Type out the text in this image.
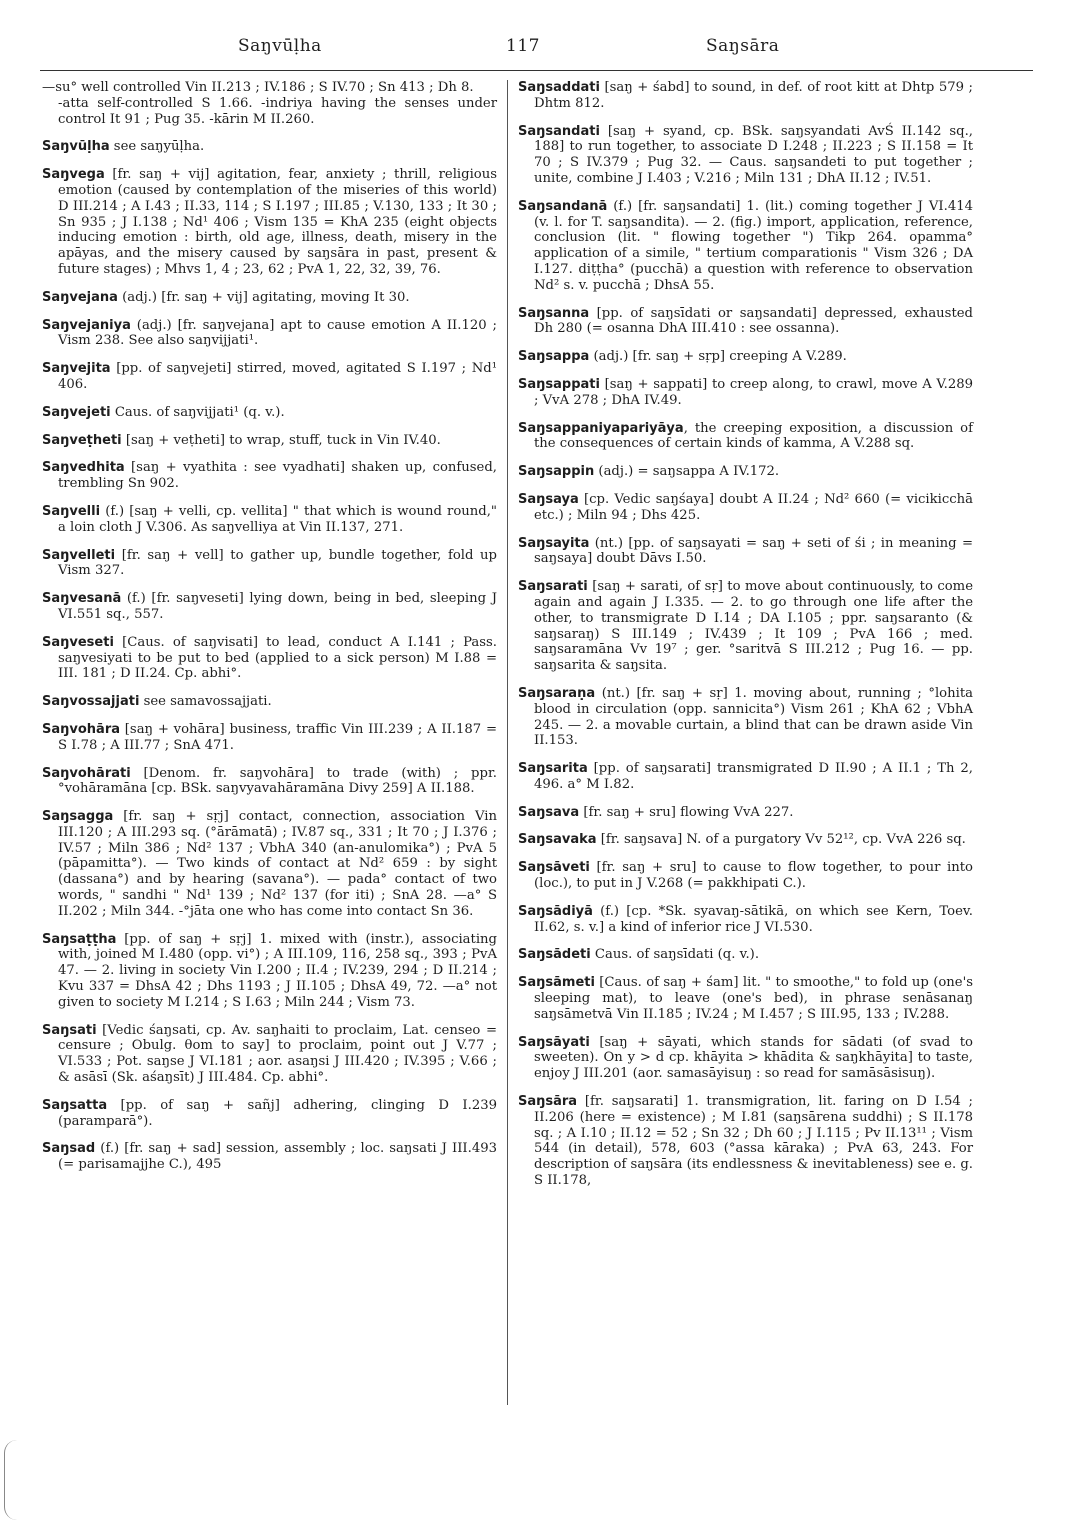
Saŋvūḷha	117	Saŋsāra

—su° well controlled Vin II.213 ; IV.186 ; S IV.70 ; Sn 413 ; Dh 8.
-atta self-controlled S 1.66. -indriya having the senses under control It 91 ; Pug 35. -kārin M II.260.

Saŋvūḷha see saŋyūḷha.

Saŋvega [fr. saŋ + vij] agitation, fear, anxiety ; thrill, religious emotion (caused by contemplation of the miseries of this world) D III.214 ; A I.43 ; II.33, 114 ; S I.197 ; III.85 ; V.130, 133 ; It 30 ; Sn 935 ; J I.138 ; Nd¹ 406 ; Vism 135 = KhA 235 (eight objects inducing emotion : birth, old age, illness, death, misery in the apāyas, and the misery caused by saŋsāra in past, present & future stages) ; Mhvs 1, 4 ; 23, 62 ; PvA 1, 22, 32, 39, 76.

Saŋvejana (adj.) [fr. saŋ + vij] agitating, moving It 30.

Saŋvejaniya (adj.) [fr. saŋvejana] apt to cause emotion A II.120 ; Vism 238. See also saŋvijjati¹.

Saŋvejita [pp. of saŋvejeti] stirred, moved, agitated S I.197 ; Nd¹ 406.

Saŋvejeti Caus. of saŋvijjati¹ (q. v.).

Saŋveṭheti [saŋ + veṭheti] to wrap, stuff, tuck in Vin IV.40.

Saŋvedhita [saŋ + vyathita : see vyadhati] shaken up, confused, trembling Sn 902.

Saŋvelli (f.) [saŋ + velli, cp. vellita] " that which is wound round," a loin cloth J V.306. As saŋvelliya at Vin II.137, 271.

Saŋvelleti [fr. saŋ + vell] to gather up, bundle together, fold up Vism 327.

Saŋvesanā (f.) [fr. saŋveseti] lying down, being in bed, sleeping J VI.551 sq., 557.

Saŋveseti [Caus. of saŋvisati] to lead, conduct A I.141 ; Pass. saŋvesiyati to be put to bed (applied to a sick person) M I.88 = III. 181 ; D II.24. Cp. abhi°.

Saŋvossajjati see samavossajjati.

Saŋvohāra [saŋ + vohāra] business, traffic Vin III.239 ; A II.187 = S I.78 ; A III.77 ; SnA 471.

Saŋvohārati [Denom. fr. saŋvohāra] to trade (with) ; ppr. °vohāramāna [cp. BSk. saŋvyavahāramāna Divy 259] A II.188.

Saŋsagga [fr. saŋ + sṛj] contact, connection, association Vin III.120 ; A III.293 sq. (°ārāmatā) ; IV.87 sq., 331 ; It 70 ; J I.376 ; IV.57 ; Miln 386 ; Nd² 137 ; VbhA 340 (an-anulomika°) ; PvA 5 (pāpamitta°). — Two kinds of contact at Nd² 659 : by sight (dassana°) and by hearing (savana°). — pada° contact of two words, " sandhi " Nd¹ 139 ; Nd² 137 (for iti) ; SnA 28. —a° S II.202 ; Miln 344. -°jāta one who has come into contact Sn 36.

Saŋsaṭṭha [pp. of saŋ + sṛj] 1. mixed with (instr.), associating with, joined M I.480 (opp. vi°) ; A III.109, 116, 258 sq., 393 ; PvA 47. — 2. living in society Vin I.200 ; II.4 ; IV.239, 294 ; D II.214 ; Kvu 337 = DhsA 42 ; Dhs 1193 ; J II.105 ; DhsA 49, 72. —a° not given to society M I.214 ; S I.63 ; Miln 244 ; Vism 73.

Saŋsati [Vedic śaŋsati, cp. Av. saŋhaiti to proclaim, Lat. censeo = censure ; Obulg. θom to say] to proclaim, point out J V.77 ; VI.533 ; Pot. saŋse J VI.181 ; aor. asaŋsi J III.420 ; IV.395 ; V.66 ; & asāsī (Sk. aśaŋsīt) J III.484. Cp. abhi°.

Saŋsatta [pp. of saŋ + sañj] adhering, clinging D I.239 (paramparā°).

Saŋsad (f.) [fr. saŋ + sad] session, assembly ; loc. saŋsati J III.493 (= parisamajjhe C.), 495

Saŋsaddati [saŋ + śabd] to sound, in def. of root kitt at Dhtp 579 ; Dhtm 812.

Saŋsandati [saŋ + syand, cp. BSk. saŋsyandati AvŚ II.142 sq., 188] to run together, to associate D I.248 ; II.223 ; S II.158 = It 70 ; S IV.379 ; Pug 32. — Caus. saŋsandeti to put together ; unite, combine J I.403 ; V.216 ; Miln 131 ; DhA II.12 ; IV.51.

Saŋsandanā (f.) [fr. saŋsandati] 1. (lit.) coming together J VI.414 (v. l. for T. saŋsandita). — 2. (fig.) import, application, reference, conclusion (lit. " flowing together ") Tikp 264. opamma° application of a simile, " tertium comparationis " Vism 326 ; DA I.127. diṭṭha° (pucchā) a question with reference to observation Nd² s. v. pucchā ; DhsA 55.

Saŋsanna [pp. of saŋsīdati or saŋsandati] depressed, exhausted Dh 280 (= osanna DhA III.410 : see ossanna).

Saŋsappa (adj.) [fr. saŋ + sṛp] creeping A V.289.

Saŋsappati [saŋ + sappati] to creep along, to crawl, move A V.289 ; VvA 278 ; DhA IV.49.

Saŋsappaniyapariyāya, the creeping exposition, a discussion of the consequences of certain kinds of kamma, A V.288 sq.

Saŋsappin (adj.) = saŋsappa A IV.172.

Saŋsaya [cp. Vedic saŋśaya] doubt A II.24 ; Nd² 660 (= vicikicchā etc.) ; Miln 94 ; Dhs 425.

Saŋsayita (nt.) [pp. of saŋsayati = saŋ + seti of śi ; in meaning = saŋsaya] doubt Dāvs I.50.

Saŋsarati [saŋ + sarati, of sṛ] to move about continuously, to come again and again J I.335. — 2. to go through one life after the other, to transmigrate D I.14 ; DA I.105 ; ppr. saŋsaranto (& saŋsaraŋ) S III.149 ; IV.439 ; It 109 ; PvA 166 ; med. saŋsaramāna Vv 19⁷ ; ger. °saritvā S III.212 ; Pug 16. — pp. saŋsarita & saŋsita.

Saŋsaraṇa (nt.) [fr. saŋ + sṛ] 1. moving about, running ; °lohita blood in circulation (opp. sannicita°) Vism 261 ; KhA 62 ; VbhA 245. — 2. a movable curtain, a blind that can be drawn aside Vin II.153.

Saŋsarita [pp. of saŋsarati] transmigrated D II.90 ; A II.1 ; Th 2, 496. a° M I.82.

Saŋsava [fr. saŋ + sru] flowing VvA 227.

Saŋsavaka [fr. saŋsava] N. of a purgatory Vv 52¹², cp. VvA 226 sq.

Saŋsāveti [fr. saŋ + sru] to cause to flow together, to pour into (loc.), to put in J V.268 (= pakkhipati C.).

Saŋsādiyā (f.) [cp. *Sk. syavaŋ-sātikā, on which see Kern, Toev. II.62, s. v.] a kind of inferior rice J VI.530.

Saŋsādeti Caus. of saŋsīdati (q. v.).

Saŋsāmeti [Caus. of saŋ + śam] lit. " to smoothe," to fold up (one's sleeping mat), to leave (one's bed), in phrase senāsanaŋ saŋsāmetvā Vin II.185 ; IV.24 ; M I.457 ; S III.95, 133 ; IV.288.

Saŋsāyati [saŋ + sāyati, which stands for sādati (of svad to sweeten). On y > d cp. khāyita > khādita & saŋkhāyita] to taste, enjoy J III.201 (aor. samasāyisuŋ : so read for samāsāsisuŋ).

Saŋsāra [fr. saŋsarati] 1. transmigration, lit. faring on D I.54 ; II.206 (here = existence) ; M I.81 (saŋsārena suddhi) ; S II.178 sq. ; A I.10 ; II.12 = 52 ; Sn 32 ; Dh 60 ; J I.115 ; Pv II.13¹¹ ; Vism 544 (in detail), 578, 603 (°assa kāraka) ; PvA 63, 243. For description of saŋsāra (its endlessness & inevitableness) see e. g. S II.178,
